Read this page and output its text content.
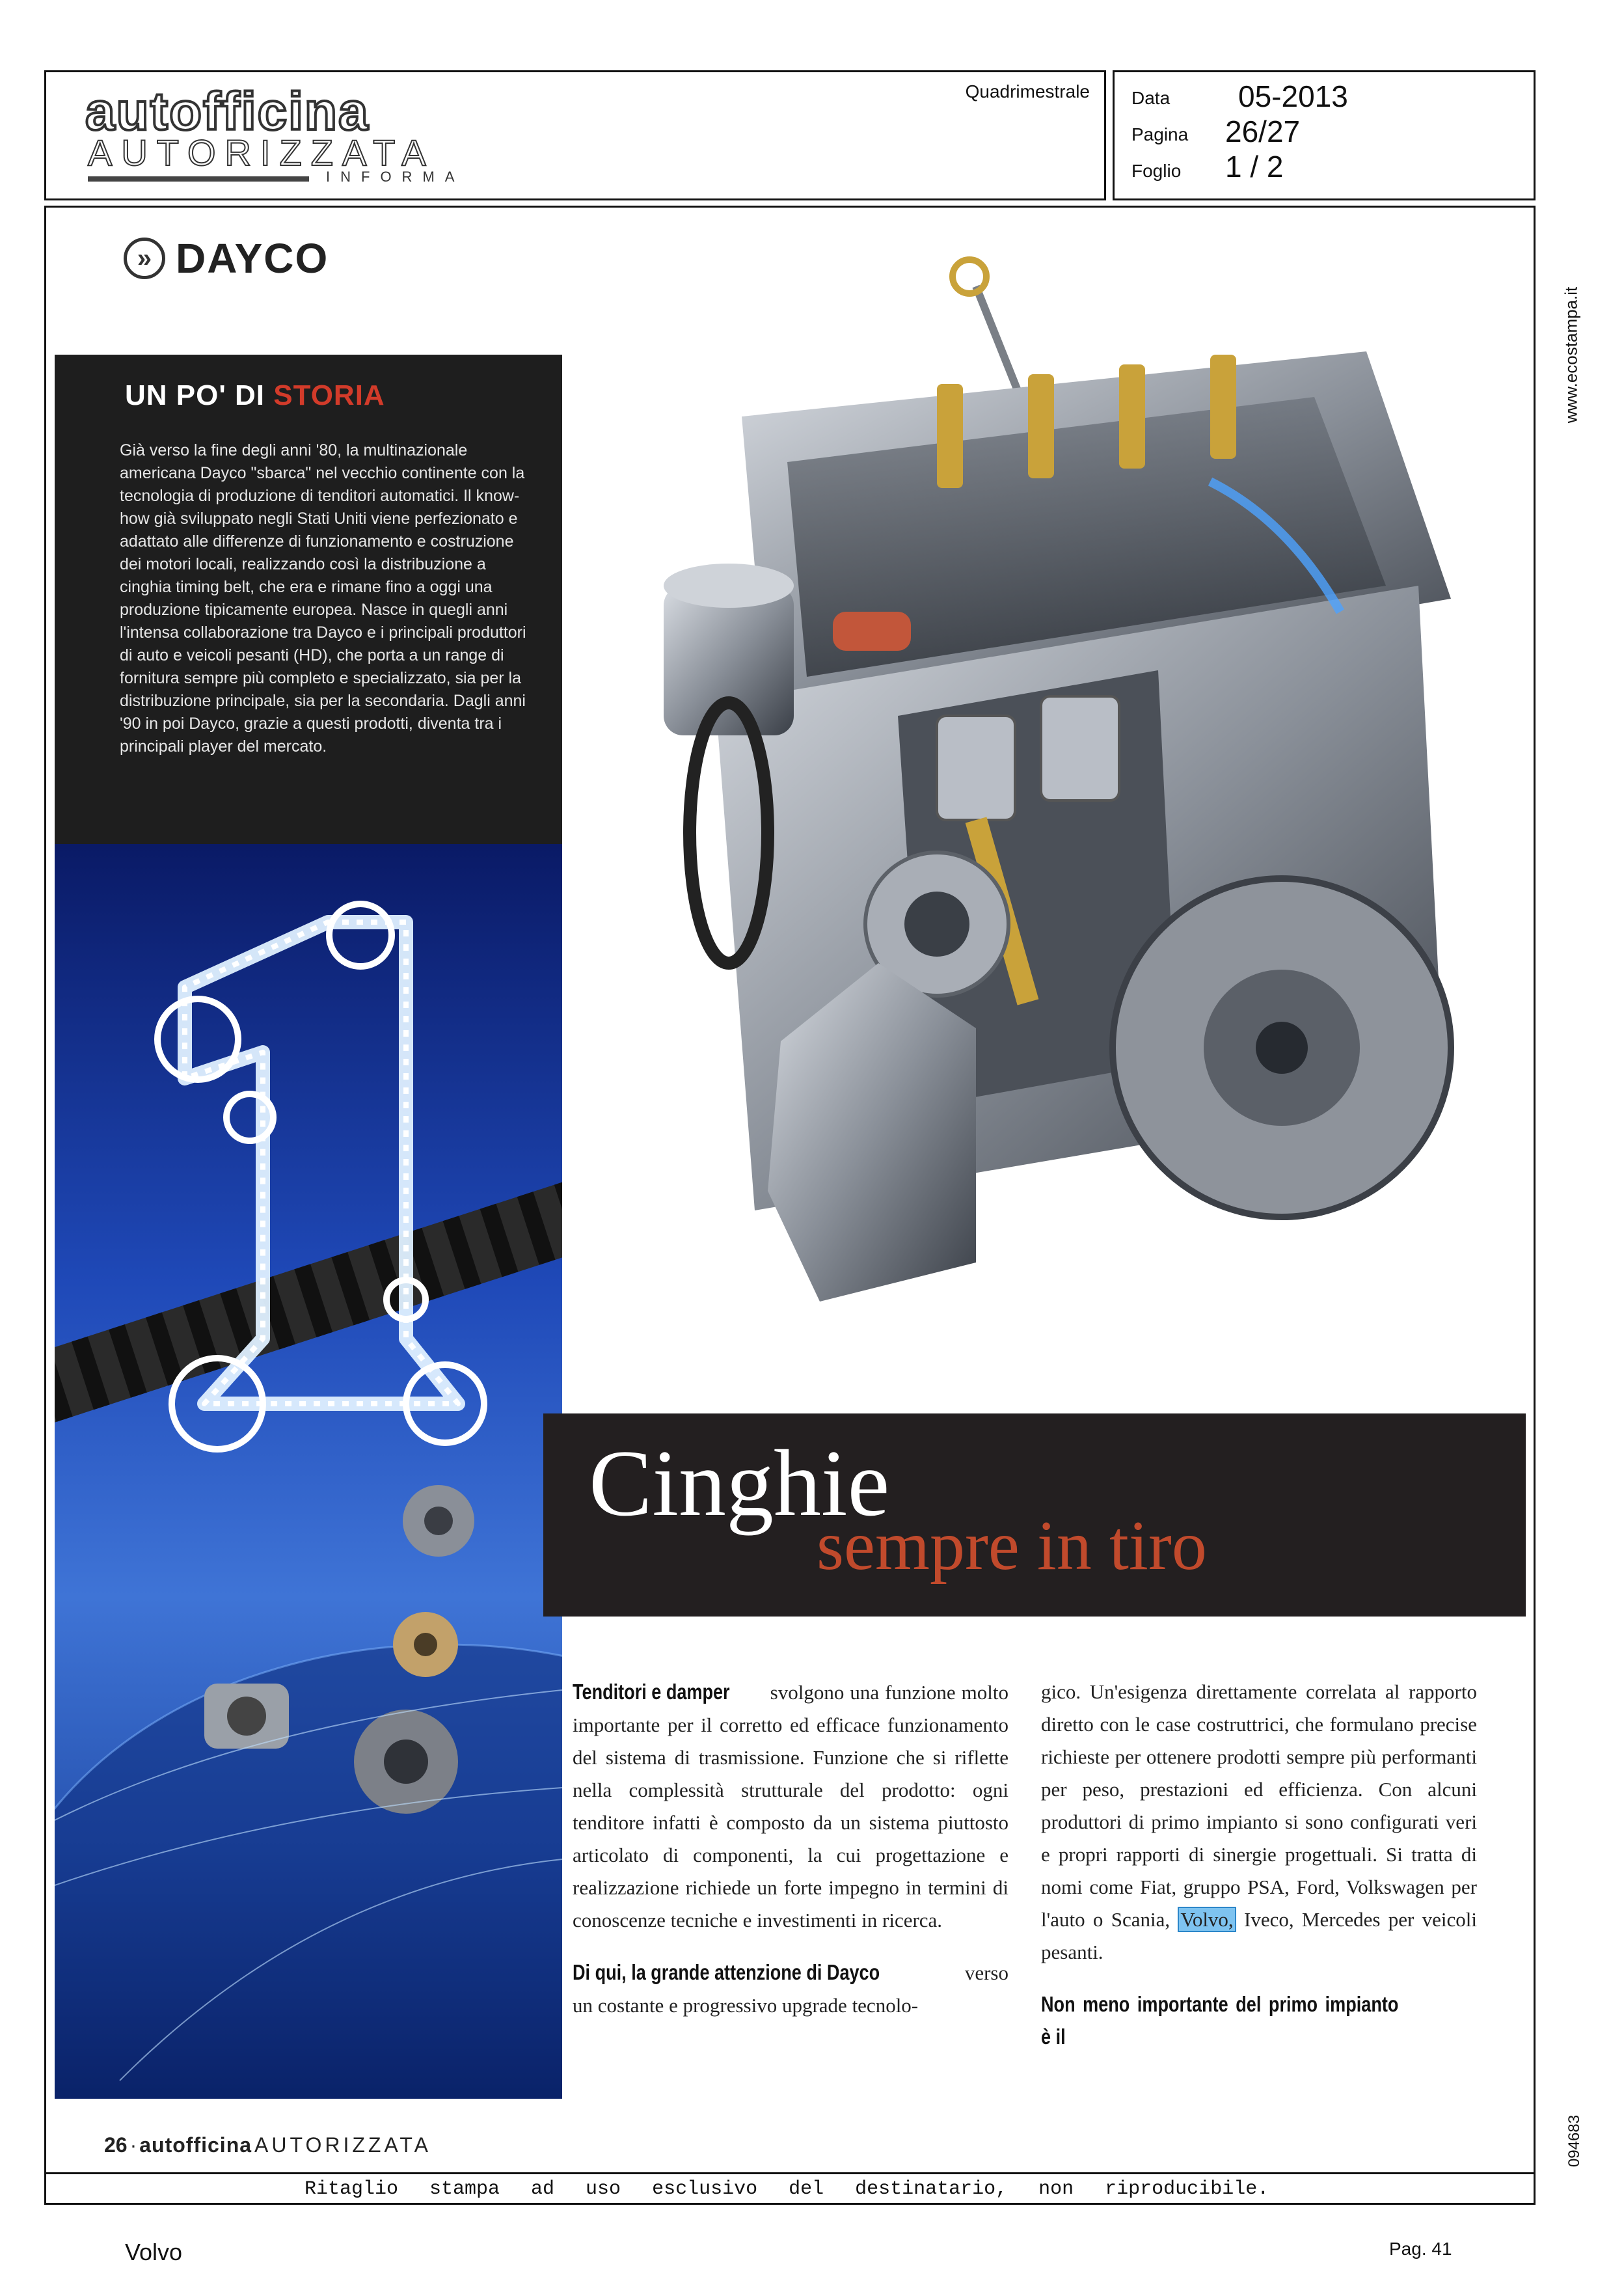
autofficina
AUTORIZZATA
INFORMA
Quadrimestrale Data 05-2013
Pagina 26/27
Foglio 1 / 2
www.ecostampa.it
094683
» DAYCO
UN PO' DI STORIA
Già verso la fine degli anni '80, la multinazionale americana Dayco "sbarca" nel vecchio continente con la tecnologia di produzione di tenditori automatici. Il know-how già sviluppato negli Stati Uniti viene perfezionato e adattato alle differenze di funzionamento e costruzione dei motori locali, realizzando così la distribuzione a cinghia timing belt, che era e rimane fino a oggi una produzione tipicamente europea. Nasce in quegli anni l'intensa collaborazione tra Dayco e i principali produttori di auto e veicoli pesanti (HD), che porta a un range di fornitura sempre più completo e specializzato, sia per la distribuzione principale, sia per la secondaria. Dagli anni '90 in poi Dayco, grazie a questi prodotti, diventa tra i principali player del mercato.
Cinghie
sempre in tiro
Tenditori e damper svolgono una funzione molto importante per il corretto ed efficace funzionamento del sistema di trasmissione. Funzione che si riflette nella complessità strutturale del prodotto: ogni tenditore infatti è composto da un sistema piuttosto articolato di componenti, la cui progettazione e realizzazione richiede un forte impegno in termini di conoscenze tecniche e investimenti in ricerca.
Di qui, la grande attenzione di Dayco	verso un costante e progressivo upgrade tecnolo-
gico. Un'esigenza direttamente correlata al rapporto diretto con le case costruttrici, che formulano precise richieste per ottenere prodotti sempre più performanti per peso, prestazioni ed efficienza. Con alcuni produttori di primo impianto si sono configurati veri e propri rapporti di sinergie progettuali. Si tratta di nomi come Fiat, gruppo PSA, Ford, Volkswagen per l'auto o Scania, Volvo, Iveco, Mercedes per veicoli pesanti.
Non meno importante del primo impianto è il
26 · autofficina AUTORIZZATA
Ritaglio stampa ad uso esclusivo del destinatario, non riproducibile.
Volvo	Pag. 41
